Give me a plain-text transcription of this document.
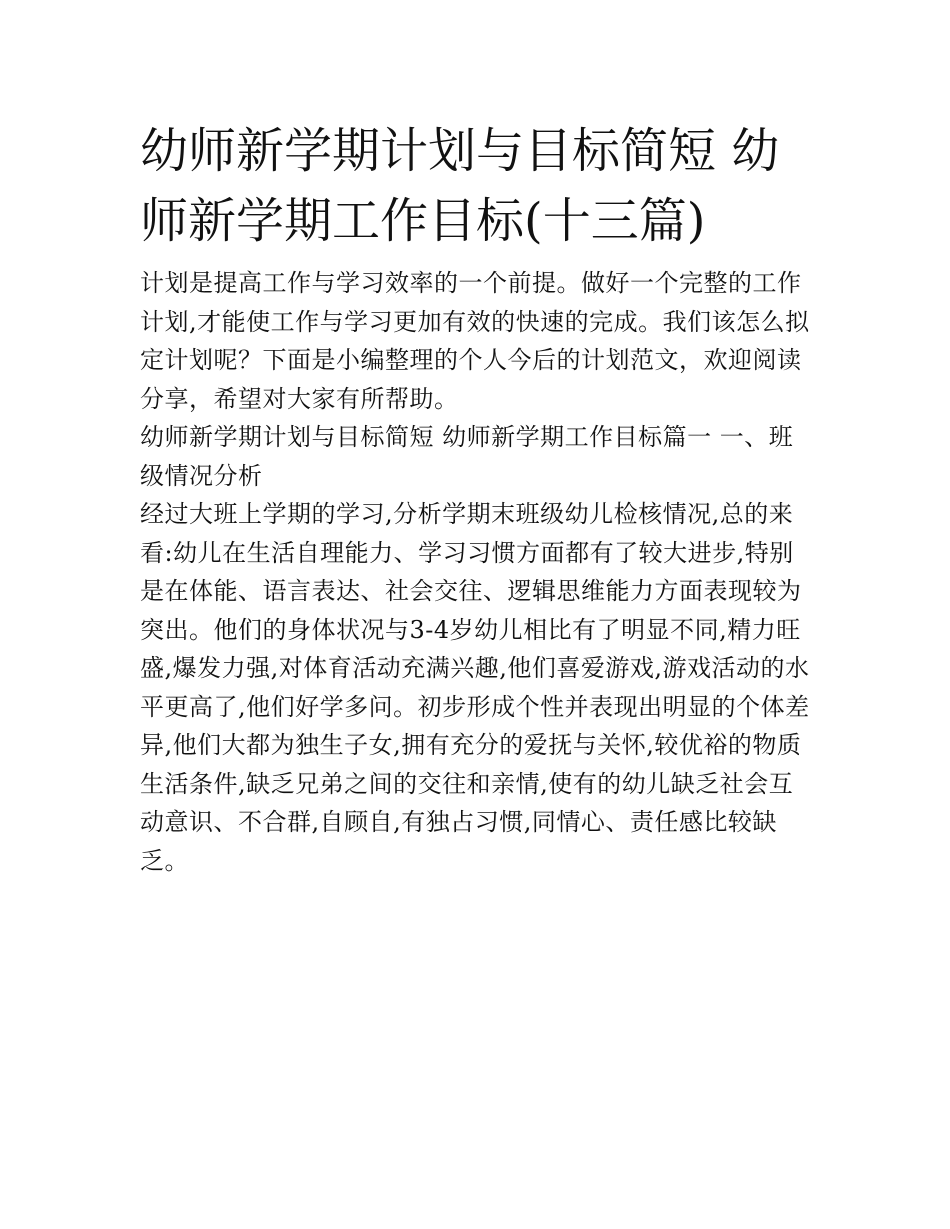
幼师新学期计划与目标简短 幼师新学期工作目标(十三篇)

计划是提高工作与学习效率的一个前提。做好一个完整的工作计划,才能使工作与学习更加有效的快速的完成。我们该怎么拟定计划呢？下面是小编整理的个人今后的计划范文，欢迎阅读分享，希望对大家有所帮助。

幼师新学期计划与目标简短 幼师新学期工作目标篇一 一、班级情况分析

经过大班上学期的学习,分析学期末班级幼儿检核情况,总的来看:幼儿在生活自理能力、学习习惯方面都有了较大进步,特别是在体能、语言表达、社会交往、逻辑思维能力方面表现较为突出。他们的身体状况与3-4岁幼儿相比有了明显不同,精力旺盛,爆发力强,对体育活动充满兴趣,他们喜爱游戏,游戏活动的水平更高了,他们好学多问。初步形成个性并表现出明显的个体差异,他们大都为独生子女,拥有充分的爱抚与关怀,较优裕的物质生活条件,缺乏兄弟之间的交往和亲情,使有的幼儿缺乏社会互动意识、不合群,自顾自,有独占习惯,同情心、责任感比较缺乏。
